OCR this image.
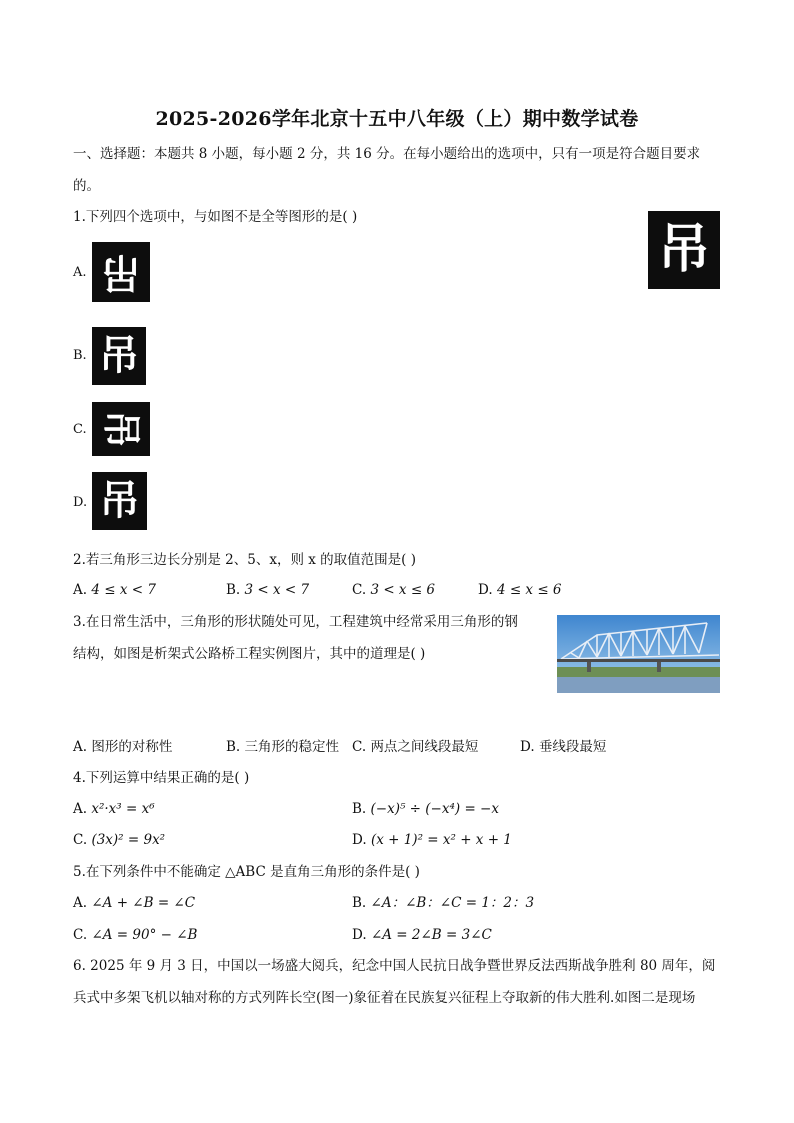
2025-2026学年北京十五中八年级（上）期中数学试卷
一、选择题：本题共 8 小题，每小题 2 分，共 16 分。在每小题给出的选项中，只有一项是符合题目要求
的。
1.下列四个选项中，与如图不是全等图形的是( )
吊
A. 吊
B. 吊
C. 吊
D. 吊
2.若三角形三边长分别是 2、5、x，则 x 的取值范围是( )
A. 4 ≤ x < 7	B. 3 < x < 7	C. 3 < x ≤ 6	D. 4 ≤ x ≤ 6
3.在日常生活中，三角形的形状随处可见，工程建筑中经常采用三角形的钢
结构，如图是析架式公路桥工程实例图片，其中的道理是( )
A. 图形的对称性	B. 三角形的稳定性 C. 两点之间线段最短	D. 垂线段最短
4.下列运算中结果正确的是( )
A. x²·x³ = x⁶	B. (−x)⁵ ÷ (−x⁴) = −x
C. (3x)² = 9x²	D. (x + 1)² = x² + x + 1
5.在下列条件中不能确定 △ABC 是直角三角形的条件是( )
A. ∠A + ∠B = ∠C	B. ∠A：∠B：∠C = 1：2：3
C. ∠A = 90° − ∠B	D. ∠A = 2∠B = 3∠C
6. 2025 年 9 月 3 日，中国以一场盛大阅兵，纪念中国人民抗日战争暨世界反法西斯战争胜利 80 周年，阅
兵式中多架飞机以轴对称的方式列阵长空(图一)象征着在民族复兴征程上夺取新的伟大胜利.如图二是现场
